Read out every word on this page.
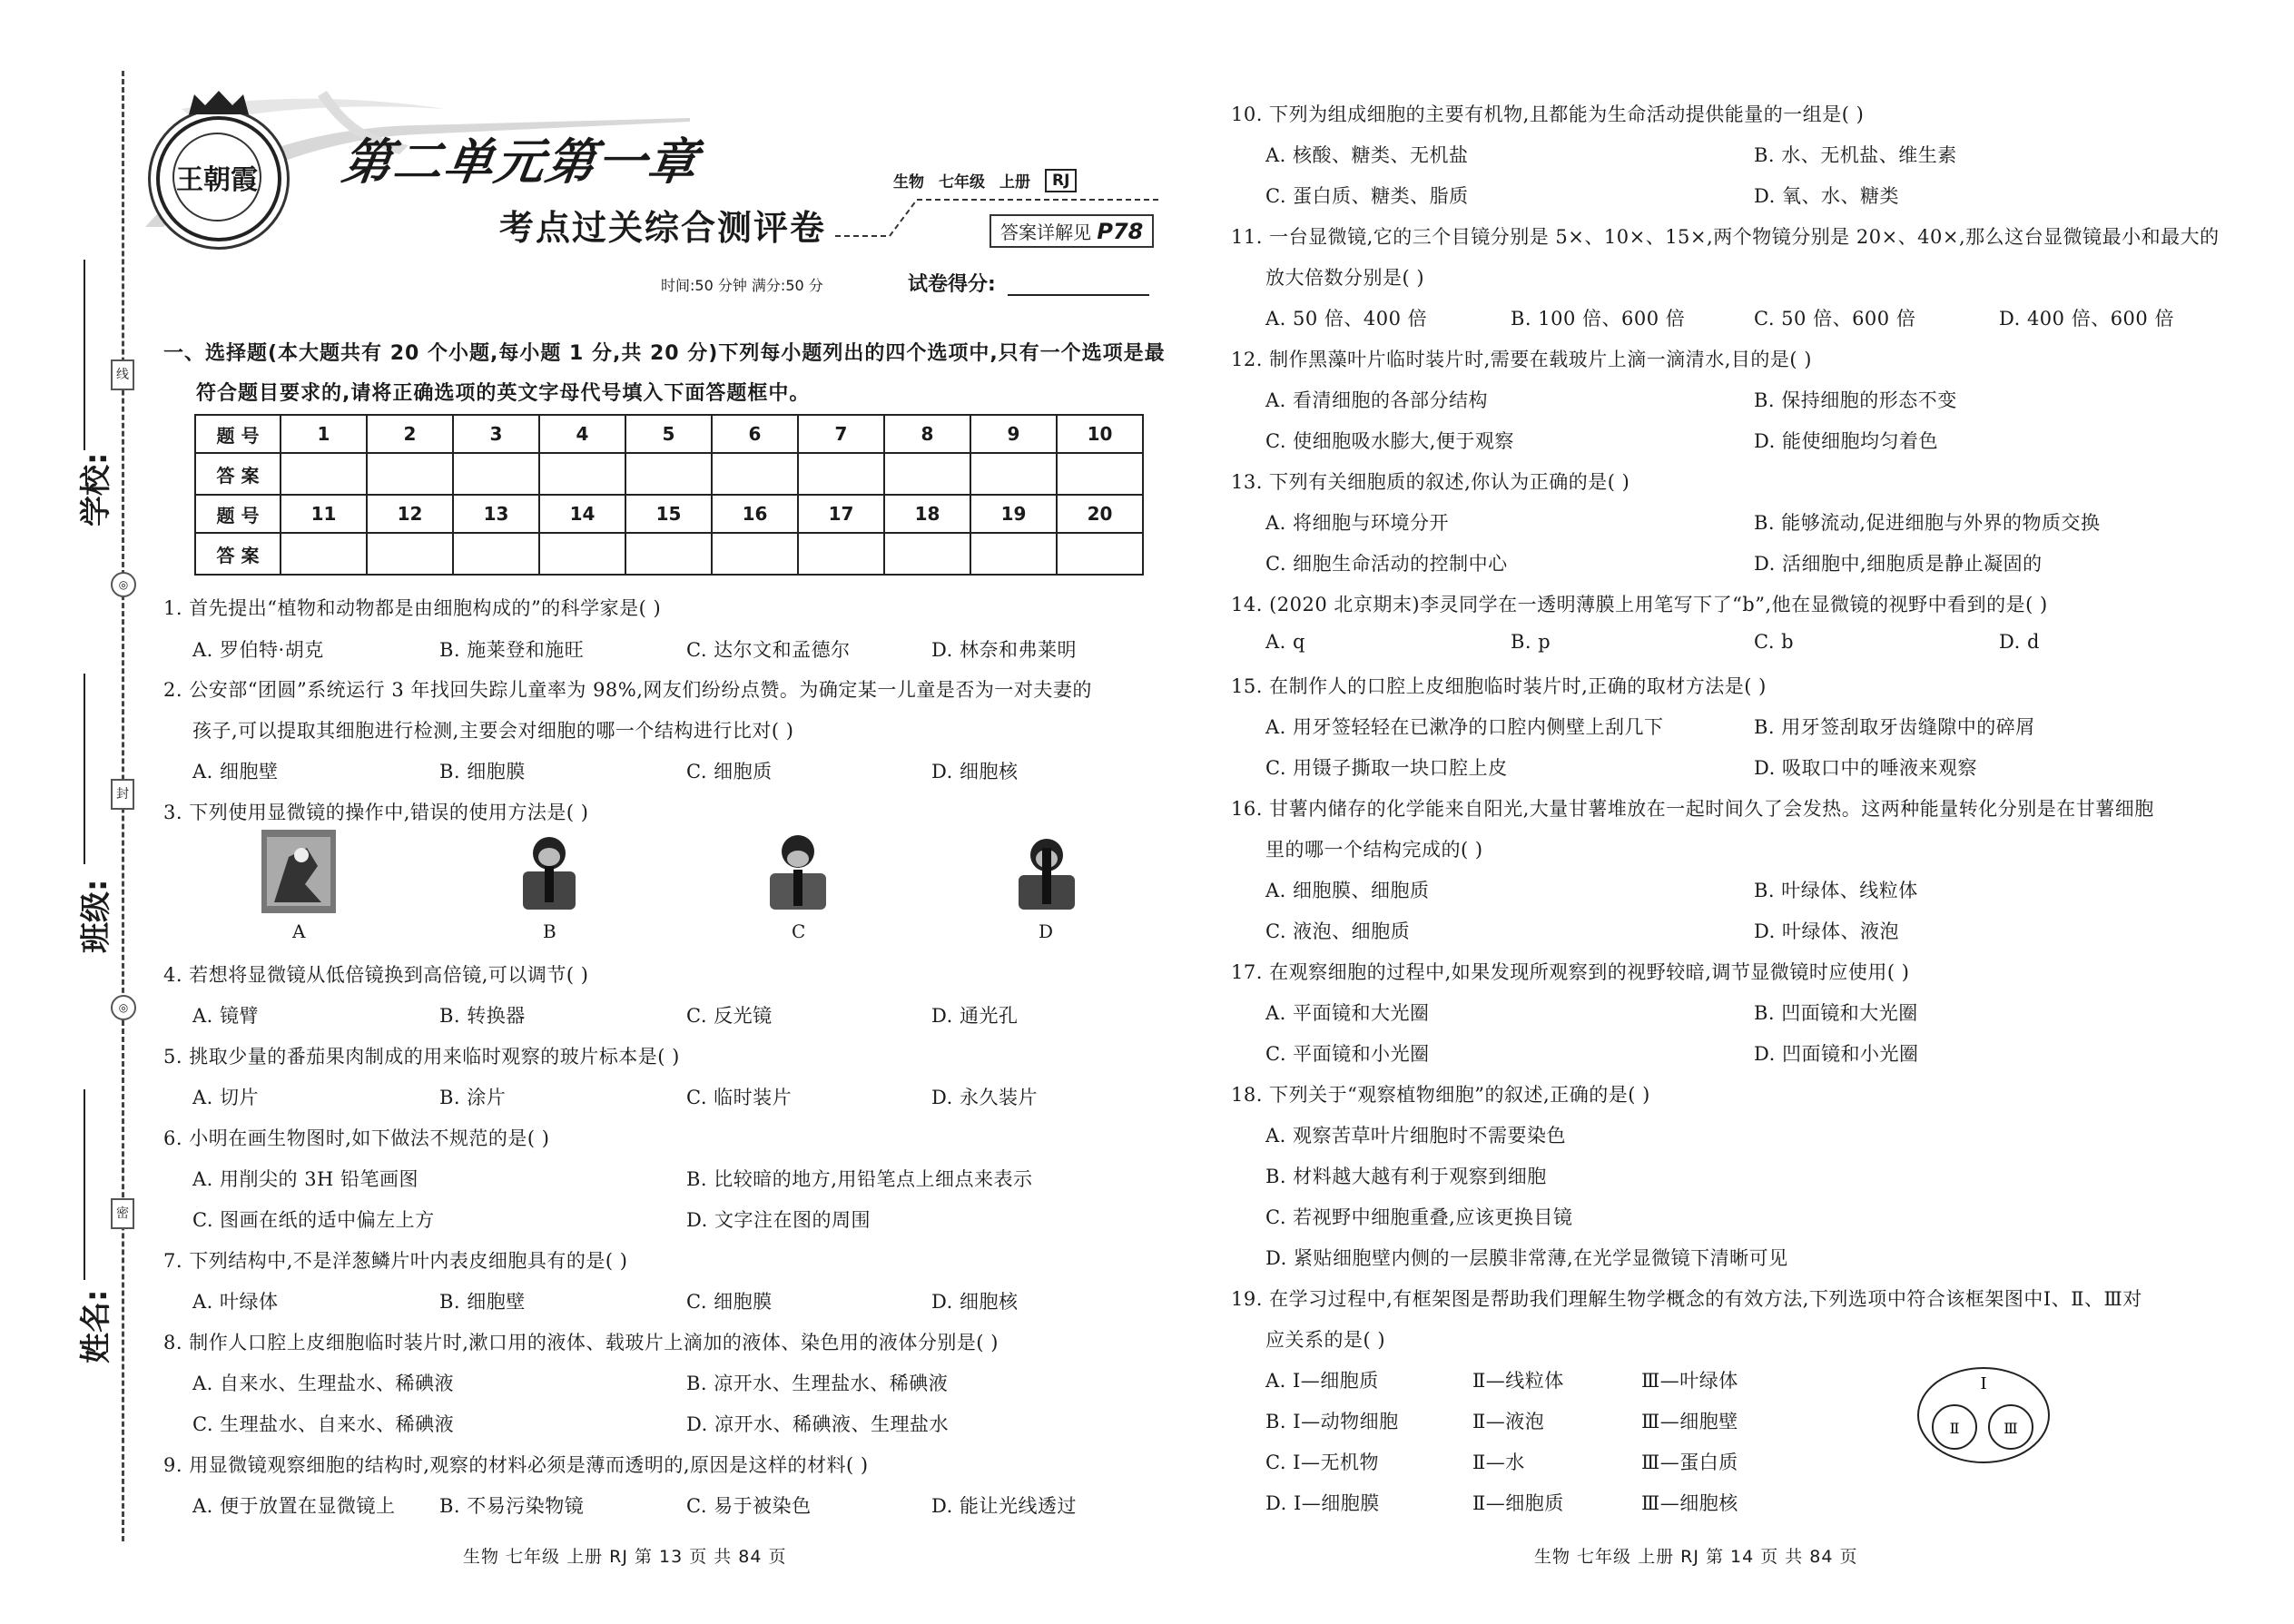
线
◎
封
◎
密
学校:
班级:
姓名:
王朝霞 第二单元第一章
考点过关综合测评卷
生物 七年级 上册	RJ
答案详解见 P78
时间:50 分钟 满分:50 分	试卷得分:
一、选择题(本大题共有 20 个小题,每小题 1 分,共 20 分)下列每小题列出的四个选项中,只有一个选项是最
符合题目要求的,请将正确选项的英文字母代号填入下面答题框中。
题 号	1	2	3	4	5	6	7	8	9	10
答 案										
题 号	11	12	13	14	15	16	17	18	19	20
答 案										
1. 首先提出“植物和动物都是由细胞构成的”的科学家是( )
A. 罗伯特·胡克	B. 施莱登和施旺	C. 达尔文和孟德尔	D. 林奈和弗莱明
2. 公安部“团圆”系统运行 3 年找回失踪儿童率为 98%,网友们纷纷点赞。为确定某一儿童是否为一对夫妻的
孩子,可以提取其细胞进行检测,主要会对细胞的哪一个结构进行比对( )
A. 细胞壁	B. 细胞膜	C. 细胞质	D. 细胞核
3. 下列使用显微镜的操作中,错误的使用方法是( )
A	B	C	D
4. 若想将显微镜从低倍镜换到高倍镜,可以调节( )
A. 镜臂	B. 转换器	C. 反光镜	D. 通光孔
5. 挑取少量的番茄果肉制成的用来临时观察的玻片标本是( )
A. 切片	B. 涂片	C. 临时装片	D. 永久装片
6. 小明在画生物图时,如下做法不规范的是( )
A. 用削尖的 3H 铅笔画图	B. 比较暗的地方,用铅笔点上细点来表示
C. 图画在纸的适中偏左上方	D. 文字注在图的周围
7. 下列结构中,不是洋葱鳞片叶内表皮细胞具有的是( )
A. 叶绿体	B. 细胞壁	C. 细胞膜	D. 细胞核
8. 制作人口腔上皮细胞临时装片时,漱口用的液体、载玻片上滴加的液体、染色用的液体分别是( )
A. 自来水、生理盐水、稀碘液	B. 凉开水、生理盐水、稀碘液
C. 生理盐水、自来水、稀碘液	D. 凉开水、稀碘液、生理盐水
9. 用显微镜观察细胞的结构时,观察的材料必须是薄而透明的,原因是这样的材料( )
A. 便于放置在显微镜上 B. 不易污染物镜	C. 易于被染色	D. 能让光线透过
生物 七年级 上册 RJ 第 13 页 共 84 页
10. 下列为组成细胞的主要有机物,且都能为生命活动提供能量的一组是( )
A. 核酸、糖类、无机盐	B. 水、无机盐、维生素
C. 蛋白质、糖类、脂质	D. 氧、水、糖类
11. 一台显微镜,它的三个目镜分别是 5×、10×、15×,两个物镜分别是 20×、40×,那么这台显微镜最小和最大的
放大倍数分别是( )
A. 50 倍、400 倍	B. 100 倍、600 倍	C. 50 倍、600 倍	D. 400 倍、600 倍
12. 制作黑藻叶片临时装片时,需要在载玻片上滴一滴清水,目的是( )
A. 看清细胞的各部分结构	B. 保持细胞的形态不变
C. 使细胞吸水膨大,便于观察	D. 能使细胞均匀着色
13. 下列有关细胞质的叙述,你认为正确的是( )
A. 将细胞与环境分开	B. 能够流动,促进细胞与外界的物质交换
C. 细胞生命活动的控制中心	D. 活细胞中,细胞质是静止凝固的
14. (2020 北京期末)李灵同学在一透明薄膜上用笔写下了“b”,他在显微镜的视野中看到的是( )
A. q	B. p	C. b	D. d
15. 在制作人的口腔上皮细胞临时装片时,正确的取材方法是( )
A. 用牙签轻轻在已漱净的口腔内侧壁上刮几下	B. 用牙签刮取牙齿缝隙中的碎屑
C. 用镊子撕取一块口腔上皮	D. 吸取口中的唾液来观察
16. 甘薯内储存的化学能来自阳光,大量甘薯堆放在一起时间久了会发热。这两种能量转化分别是在甘薯细胞
里的哪一个结构完成的( )
A. 细胞膜、细胞质	B. 叶绿体、线粒体
C. 液泡、细胞质	D. 叶绿体、液泡
17. 在观察细胞的过程中,如果发现所观察到的视野较暗,调节显微镜时应使用( )
A. 平面镜和大光圈	B. 凹面镜和大光圈
C. 平面镜和小光圈	D. 凹面镜和小光圈
18. 下列关于“观察植物细胞”的叙述,正确的是( )
A. 观察苦草叶片细胞时不需要染色
B. 材料越大越有利于观察到细胞
C. 若视野中细胞重叠,应该更换目镜
D. 紧贴细胞壁内侧的一层膜非常薄,在光学显微镜下清晰可见
19. 在学习过程中,有框架图是帮助我们理解生物学概念的有效方法,下列选项中符合该框架图中Ⅰ、Ⅱ、Ⅲ对
应关系的是( )
A. Ⅰ—细胞质	Ⅱ—线粒体	Ⅲ—叶绿体
B. Ⅰ—动物细胞	Ⅱ—液泡	Ⅲ—细胞壁
C. Ⅰ—无机物	Ⅱ—水	Ⅲ—蛋白质
D. Ⅰ—细胞膜	Ⅱ—细胞质	Ⅲ—细胞核
Ⅰ
Ⅱ	Ⅲ
生物 七年级 上册 RJ 第 14 页 共 84 页
